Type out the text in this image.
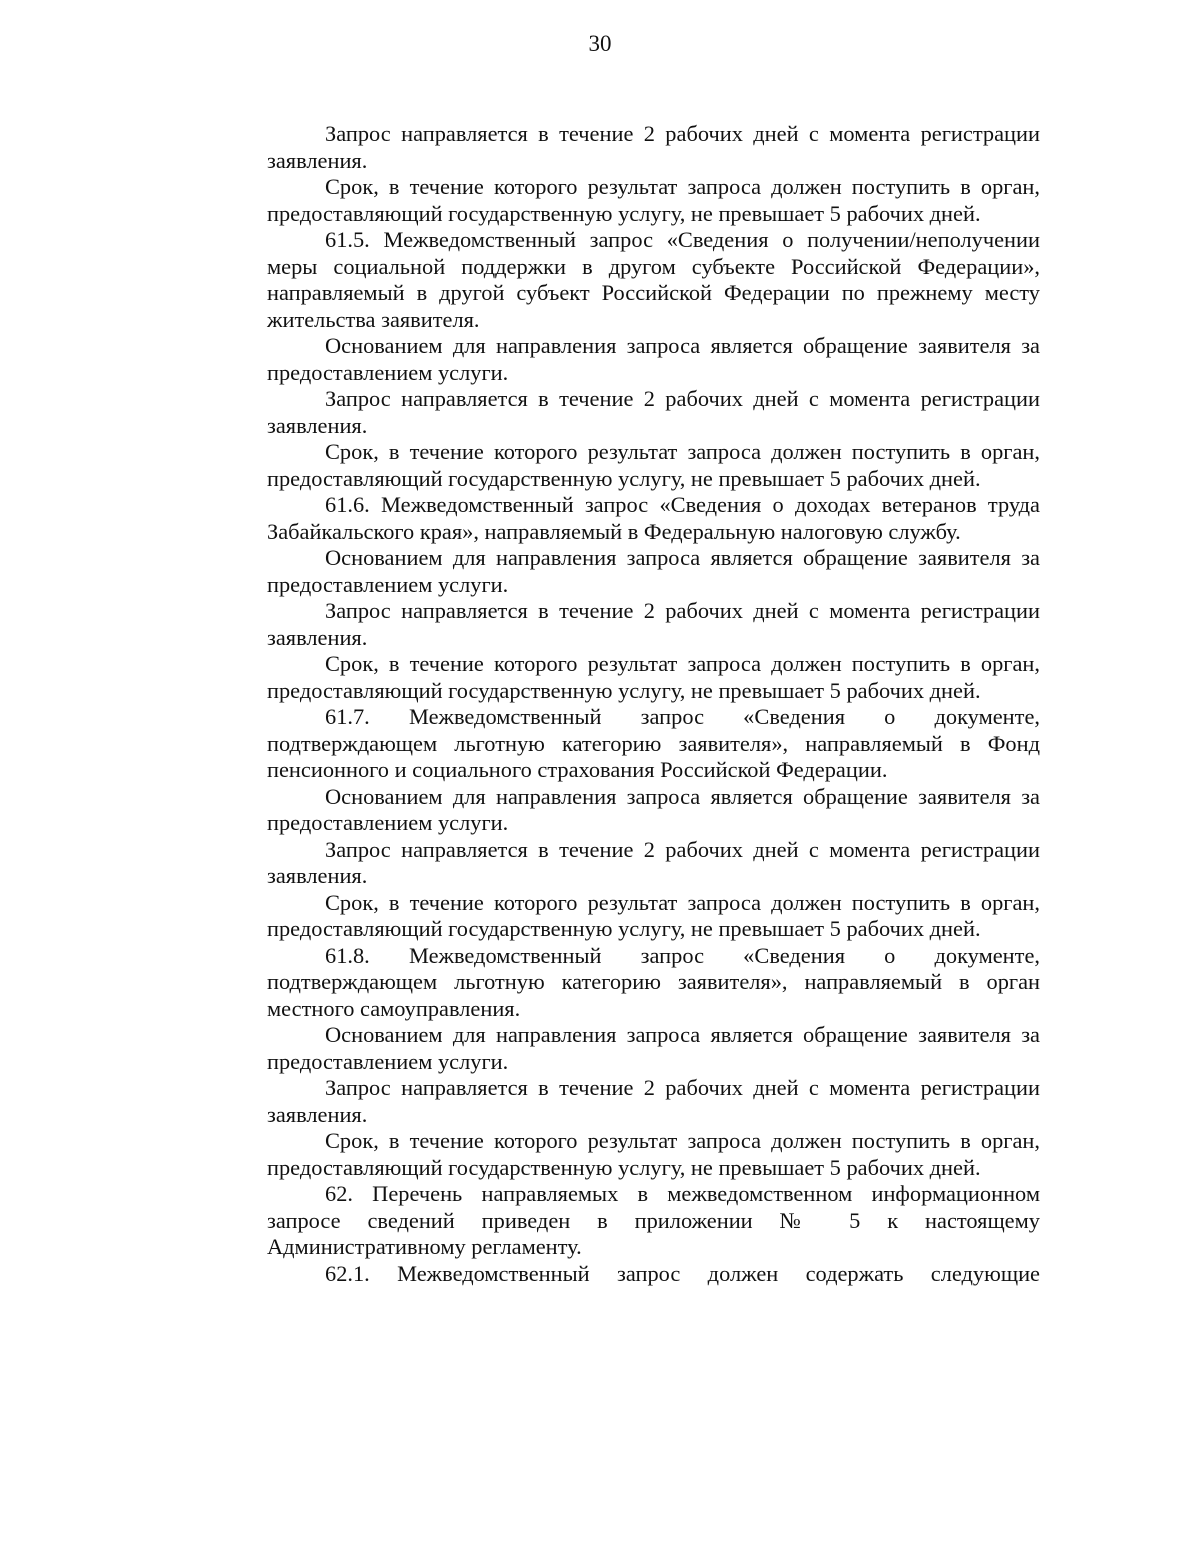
30

Запрос направляется в течение 2 рабочих дней с момента регистрации заявления.

Срок, в течение которого результат запроса должен поступить в орган, предоставляющий государственную услугу, не превышает 5 рабочих дней.

61.5. Межведомственный запрос «Сведения о получении/неполучении меры социальной поддержки в другом субъекте Российской Федерации», направляемый в другой субъект Российской Федерации по прежнему месту жительства заявителя.

Основанием для направления запроса является обращение заявителя за предоставлением услуги.

Запрос направляется в течение 2 рабочих дней с момента регистрации заявления.

Срок, в течение которого результат запроса должен поступить в орган, предоставляющий государственную услугу, не превышает 5 рабочих дней.

61.6. Межведомственный запрос «Сведения о доходах ветеранов труда Забайкальского края», направляемый в Федеральную налоговую службу.

Основанием для направления запроса является обращение заявителя за предоставлением услуги.

Запрос направляется в течение 2 рабочих дней с момента регистрации заявления.

Срок, в течение которого результат запроса должен поступить в орган, предоставляющий государственную услугу, не превышает 5 рабочих дней.

61.7. Межведомственный запрос «Сведения о документе, подтверждающем льготную категорию заявителя», направляемый в Фонд пенсионного и социального страхования Российской Федерации.

Основанием для направления запроса является обращение заявителя за предоставлением услуги.

Запрос направляется в течение 2 рабочих дней с момента регистрации заявления.

Срок, в течение которого результат запроса должен поступить в орган, предоставляющий государственную услугу, не превышает 5 рабочих дней.

61.8. Межведомственный запрос «Сведения о документе, подтверждающем льготную категорию заявителя», направляемый в орган местного самоуправления.

Основанием для направления запроса является обращение заявителя за предоставлением услуги.

Запрос направляется в течение 2 рабочих дней с момента регистрации заявления.

Срок, в течение которого результат запроса должен поступить в орган, предоставляющий государственную услугу, не превышает 5 рабочих дней.

62. Перечень направляемых в межведомственном информационном запросе сведений приведен в приложении № 5 к настоящему Административному регламенту.

62.1. Межведомственный запрос должен содержать следующие
